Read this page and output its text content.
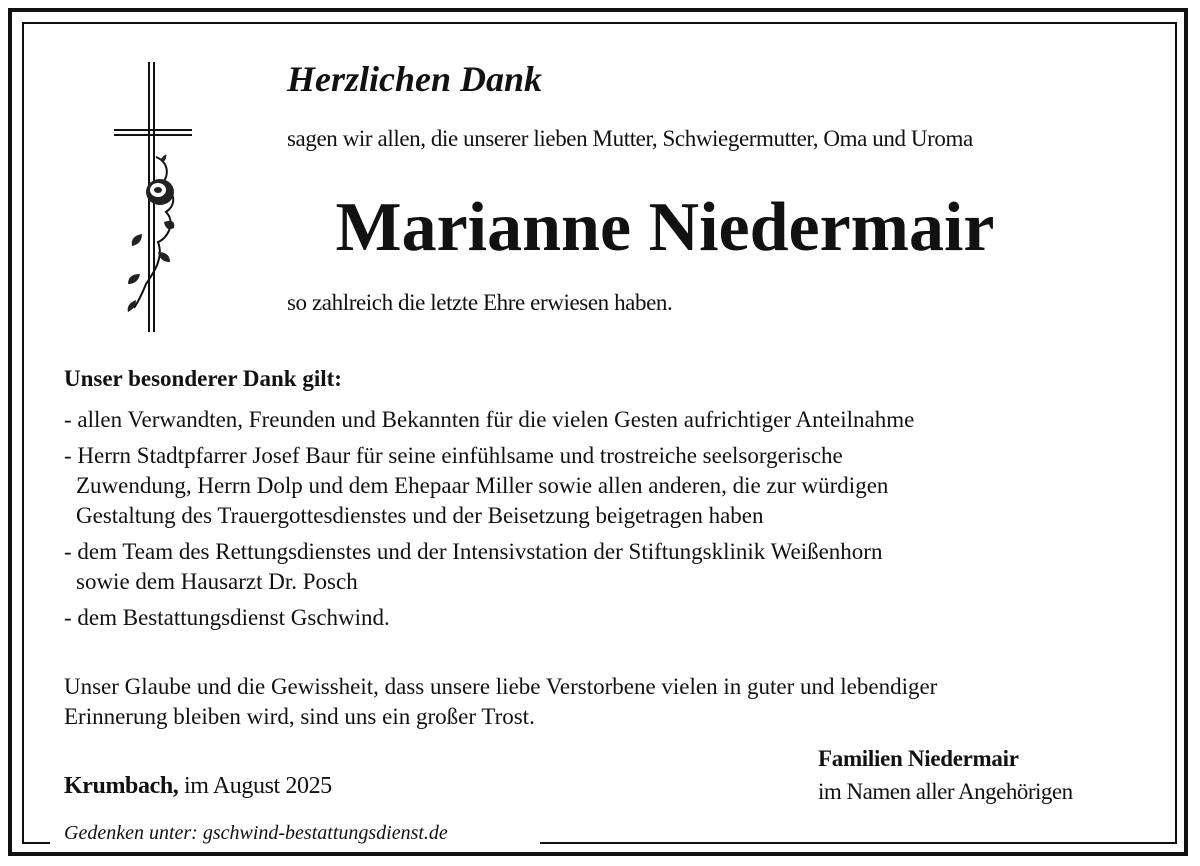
Gedenken unter: gschwind-bestattungsdienst.de
Herzlichen Dank
sagen wir allen, die unserer lieben Mutter, Schwiegermutter, Oma und Uroma
Marianne Niedermair
so zahlreich die letzte Ehre erwiesen haben.
Unser besonderer Dank gilt:
- allen Verwandten, Freunden und Bekannten für die vielen Gesten aufrichtiger Anteilnahme
- Herrn Stadtpfarrer Josef Baur für seine einfühlsame und trostreiche seelsorgerische
Zuwendung, Herrn Dolp und dem Ehepaar Miller sowie allen anderen, die zur würdigen
Gestaltung des Trauergottesdienstes und der Beisetzung beigetragen haben
- dem Team des Rettungsdienstes und der Intensivstation der Stiftungsklinik Weißenhorn
sowie dem Hausarzt Dr. Posch
- dem Bestattungsdienst Gschwind.
Unser Glaube und die Gewissheit, dass unsere liebe Verstorbene vielen in guter und lebendiger
Erinnerung bleiben wird, sind uns ein großer Trost.
Krumbach, im August 2025
Familien Niedermair
im Namen aller Angehörigen
